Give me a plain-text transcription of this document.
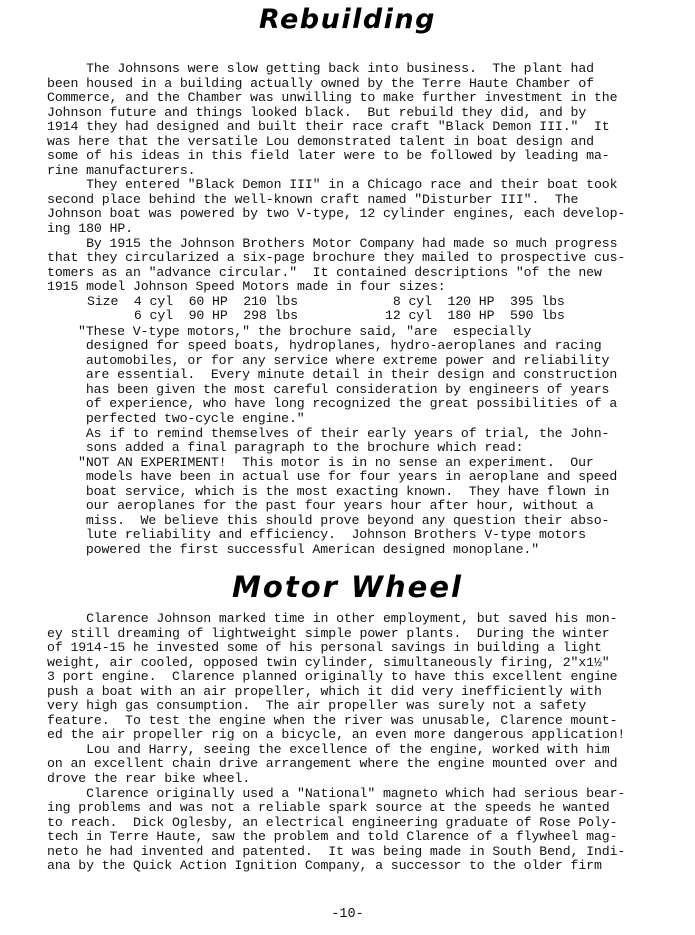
Rebuilding

The Johnsons were slow getting back into business.  The plant had

been housed in a building actually owned by the Terre Haute Chamber of

Commerce, and the Chamber was unwilling to make further investment in the

Johnson future and things looked black.  But rebuild they did, and by

1914 they had designed and built their race craft "Black Demon III."  It

was here that the versatile Lou demonstrated talent in boat design and

some of his ideas in this field later were to be followed by leading ma-

rine manufacturers.

They entered "Black Demon III" in a Chicago race and their boat took

second place behind the well-known craft named "Disturber III".  The

Johnson boat was powered by two V-type, 12 cylinder engines, each develop-

ing 180 HP.

By 1915 the Johnson Brothers Motor Company had made so much progress

that they circularized a six-page brochure they mailed to prospective cus-

tomers as an "advance circular."  It contained descriptions "of the new

1915 model Johnson Speed Motors made in four sizes:

Size  4 cyl  60 HP  210 lbs

6 cyl  90 HP  298 lbs

8 cyl  120 HP  395 lbs

12 cyl  180 HP  590 lbs

"These V-type motors," the brochure said, "are  especially

designed for speed boats, hydroplanes, hydro-aeroplanes and racing

automobiles, or for any service where extreme power and reliability

are essential.  Every minute detail in their design and construction

has been given the most careful consideration by engineers of years

of experience, who have long recognized the great possibilities of a

perfected two-cycle engine."

As if to remind themselves of their early years of trial, the John-

sons added a final paragraph to the brochure which read:

"NOT AN EXPERIMENT!  This motor is in no sense an experiment.  Our

models have been in actual use for four years in aeroplane and speed

boat service, which is the most exacting known.  They have flown in

our aeroplanes for the past four years hour after hour, without a

miss.  We believe this should prove beyond any question their abso-

lute reliability and efficiency.  Johnson Brothers V-type motors

powered the first successful American designed monoplane."

Motor Wheel

Clarence Johnson marked time in other employment, but saved his mon-

ey still dreaming of lightweight simple power plants.  During the winter

of 1914-15 he invested some of his personal savings in building a light

weight, air cooled, opposed twin cylinder, simultaneously firing, 2"x1½"

3 port engine.  Clarence planned originally to have this excellent engine

push a boat with an air propeller, which it did very inefficiently with

very high gas consumption.  The air propeller was surely not a safety

feature.  To test the engine when the river was unusable, Clarence mount-

ed the air propeller rig on a bicycle, an even more dangerous application!

Lou and Harry, seeing the excellence of the engine, worked with him

on an excellent chain drive arrangement where the engine mounted over and

drove the rear bike wheel.

Clarence originally used a "National" magneto which had serious bear-

ing problems and was not a reliable spark source at the speeds he wanted

to reach.  Dick Oglesby, an electrical engineering graduate of Rose Poly-

tech in Terre Haute, saw the problem and told Clarence of a flywheel mag-

neto he had invented and patented.  It was being made in South Bend, Indi-

ana by the Quick Action Ignition Company, a successor to the older firm

-10-
